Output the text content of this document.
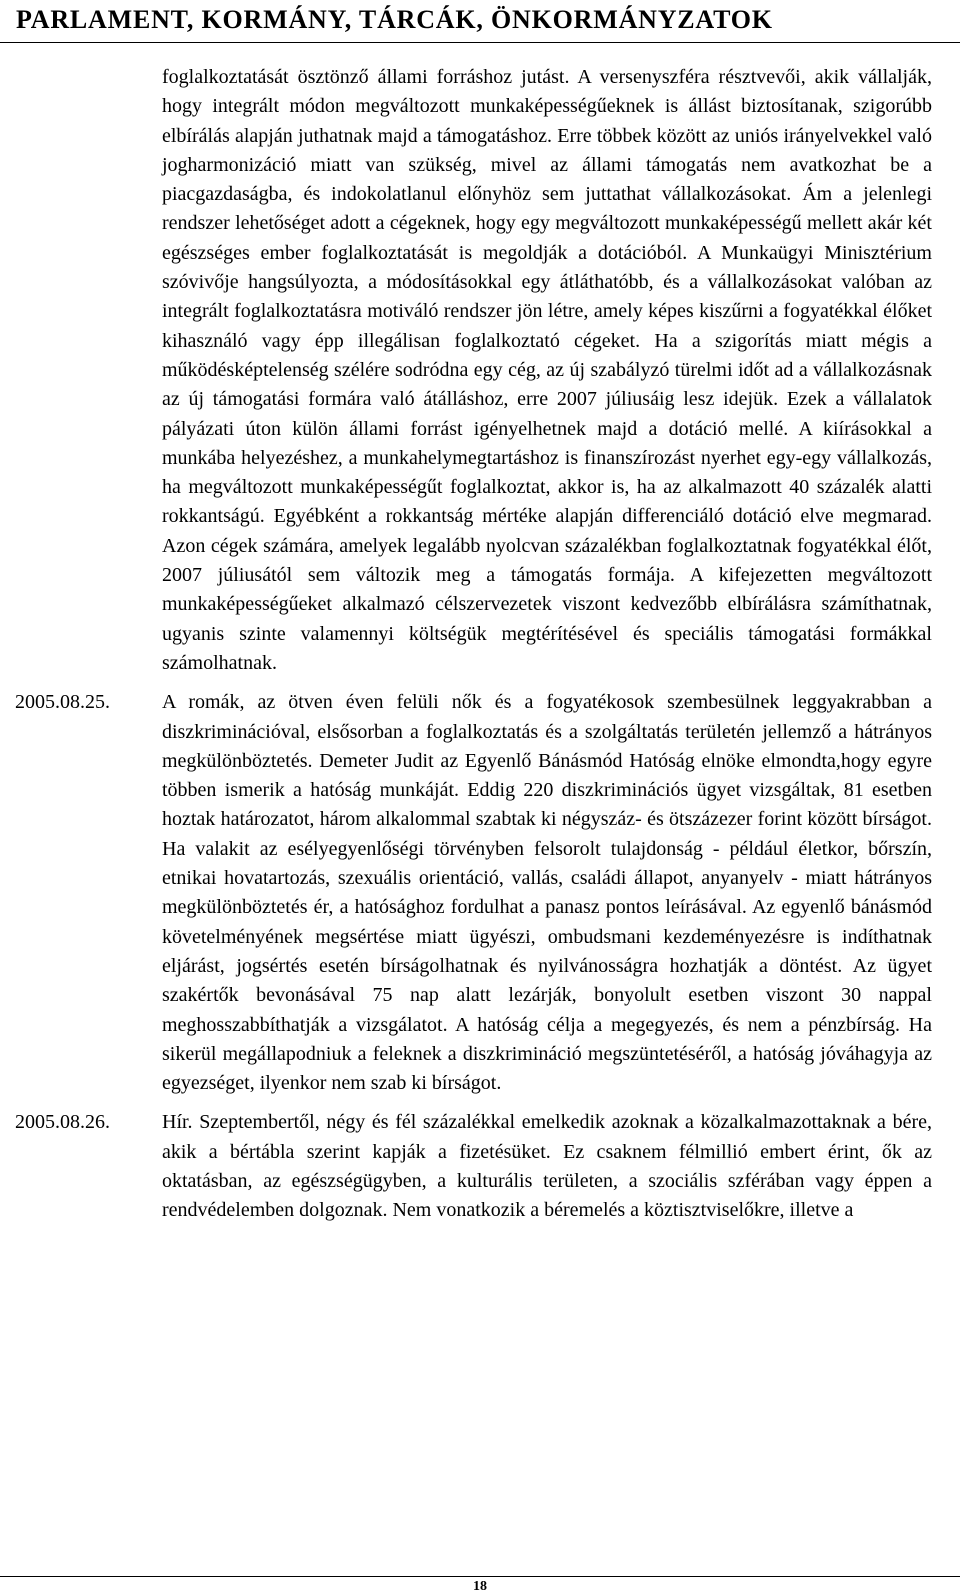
PARLAMENT, KORMÁNY, TÁRCÁK, ÖNKORMÁNYZATOK
foglalkoztatását ösztönző állami forráshoz jutást. A versenyszféra résztvevői, akik vállalják, hogy integrált módon megváltozott munkaképességűeknek is állást biztosítanak, szigorúbb elbírálás alapján juthatnak majd a támogatáshoz. Erre többek között az uniós irányelvekkel való jogharmonizáció miatt van szükség, mivel az állami támogatás nem avatkozhat be a piacgazdaságba, és indokolatlanul előnyhöz sem juttathat vállalkozásokat. Ám a jelenlegi rendszer lehetőséget adott a cégeknek, hogy egy megváltozott munkaképességű mellett akár két egészséges ember foglalkoztatását is megoldják a dotációból. A Munkaügyi Minisztérium szóvivője hangsúlyozta, a módosításokkal egy átláthatóbb, és a vállalkozásokat valóban az integrált foglalkoztatásra motiváló rendszer jön létre, amely képes kiszűrni a fogyatékkal élőket kihasználó vagy épp illegálisan foglalkoztató cégeket. Ha a szigorítás miatt mégis a működésképtelenség szélére sodródna egy cég, az új szabályzó türelmi időt ad a vállalkozásnak az új támogatási formára való átálláshoz, erre 2007 júliusáig lesz idejük. Ezek a vállalatok pályázati úton külön állami forrást igényelhetnek majd a dotáció mellé. A kiírásokkal a munkába helyezéshez, a munkahelymegtartáshoz is finanszírozást nyerhet egy-egy vállalkozás, ha megváltozott munkaképességűt foglalkoztat, akkor is, ha az alkalmazott 40 százalék alatti rokkantságú. Egyébként a rokkantság mértéke alapján differenciáló dotáció elve megmarad. Azon cégek számára, amelyek legalább nyolcvan százalékban foglalkoztatnak fogyatékkal élőt, 2007 júliusától sem változik meg a támogatás formája. A kifejezetten megváltozott munkaképességűeket alkalmazó célszervezetek viszont kedvezőbb elbírálásra számíthatnak, ugyanis szinte valamennyi költségük megtérítésével és speciális támogatási formákkal számolhatnak.
2005.08.25.	A romák, az ötven éven felüli nők és a fogyatékosok szembesülnek leggyakrabban a diszkriminációval, elsősorban a foglalkoztatás és a szolgáltatás területén jellemző a hátrányos megkülönböztetés. Demeter Judit az Egyenlő Bánásmód Hatóság elnöke elmondta,hogy egyre többen ismerik a hatóság munkáját. Eddig 220 diszkriminációs ügyet vizsgáltak, 81 esetben hoztak határozatot, három alkalommal szabtak ki négyszáz- és ötszázezer forint között bírságot. Ha valakit az esélyegyenlőségi törvényben felsorolt tulajdonság - például életkor, bőrszín, etnikai hovatartozás, szexuális orientáció, vallás, családi állapot, anyanyelv - miatt hátrányos megkülönböztetés ér, a hatósághoz fordulhat a panasz pontos leírásával. Az egyenlő bánásmód követelményének megsértése miatt ügyészi, ombudsmani kezdeményezésre is indíthatnak eljárást, jogsértés esetén bírságolhatnak és nyilvánosságra hozhatják a döntést. Az ügyet szakértők bevonásával 75 nap alatt lezárják, bonyolult esetben viszont 30 nappal meghosszabbíthatják a vizsgálatot. A hatóság célja a megegyezés, és nem a pénzbírság. Ha sikerül megállapodniuk a feleknek a diszkrimináció megszüntetéséről, a hatóság jóváhagyja az egyezséget, ilyenkor nem szab ki bírságot.
2005.08.26.	Hír. Szeptembertől, négy és fél százalékkal emelkedik azoknak a közalkalmazottaknak a bére, akik a bértábla szerint kapják a fizetésüket. Ez csaknem félmillió embert érint, ők az oktatásban, az egészségügyben, a kulturális területen, a szociális szférában vagy éppen a rendvédelemben dolgoznak. Nem vonatkozik a béremelés a köztisztviselőkre, illetve a
18
